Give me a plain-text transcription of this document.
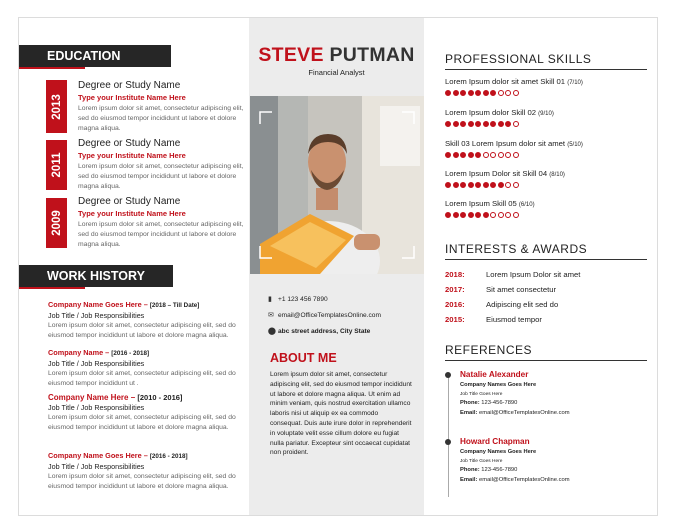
EDUCATION
2013
Degree or Study Name
Type your Institute Name Here
Lorem ipsum dolor sit amet, consectetur adipiscing elit, sed do eiusmod tempor incididunt ut labore et dolore magna aliqua.
2011
Degree or Study Name
Type your Institute Name Here
Lorem ipsum dolor sit amet, consectetur adipiscing elit, sed do eiusmod tempor incididunt ut labore et dolore magna aliqua.
2009
Degree or Study Name
Type your Institute Name Here
Lorem ipsum dolor sit amet, consectetur adipiscing elit, sed do eiusmod tempor incididunt ut labore et dolore magna aliqua.
WORK HISTORY
Company Name Goes Here – [2018 – Till Date]
Job Title / Job Responsibilities
Lorem ipsum dolor sit amet, consectetur adipiscing elit, sed do eiusmod tempor incididunt ut labore et dolore magna aliqua.
Company Name – [2016 - 2018]
Job Title / Job Responsibilities
Lorem ipsum dolor sit amet, consectetur adipiscing elit, sed do eiusmod tempor incididunt ut .
Company Name Here – [2010 - 2016]
Job Title / Job Responsibilities
Lorem ipsum dolor sit amet, consectetur adipiscing elit, sed do eiusmod tempor incididunt ut labore et dolore magna aliqua.
Company Name Goes Here – [2016 - 2018]
Job Title / Job Responsibilities
Lorem ipsum dolor sit amet, consectetur adipiscing elit, sed do eiusmod tempor incididunt ut labore et dolore magna aliqua.
STEVE PUTMAN
Financial Analyst
▮ +1 123 456 7890
✉ email@OfficeTemplatesOnline.com
⬤ abc street address, City State
ABOUT ME
Lorem ipsum dolor sit amet, consectetur adipiscing elit, sed do eiusmod tempor incididunt ut labore et dolore magna aliqua. Ut enim ad minim veniam, quis nostrud exercitation ullamco laboris nisi ut aliquip ex ea commodo consequat. Duis aute irure dolor in reprehenderit in voluptate velit esse cillum dolore eu fugiat nulla pariatur. Excepteur sint occaecat cupidatat non proident.
PROFESSIONAL SKILLS
Lorem Ipsum dolor sit amet Skill 01 (7/10)
Lorem Ipsum dolor Skill 02 (9/10)
Skill 03 Lorem Ipsum dolor sit amet (5/10)
Lorem Ipsum Dolor sit Skill 04 (8/10)
Lorem Ipsum Skill 05 (6/10)
INTERESTS & AWARDS
2018:	Lorem Ipsum Dolor sit amet
2017:	Sit amet consectetur
2016:	Adipiscing elit sed do
2015:	Eiusmod tempor
REFERENCES
Natalie Alexander
Company Names Goes Here
Job Title Goes Here
Phone: 123-456-7890
Email: email@OfficeTemplatesOnline.com
Howard Chapman
Company Names Goes Here
Job Title Goes Here
Phone: 123-456-7890
Email: email@OfficeTemplatesOnline.com
